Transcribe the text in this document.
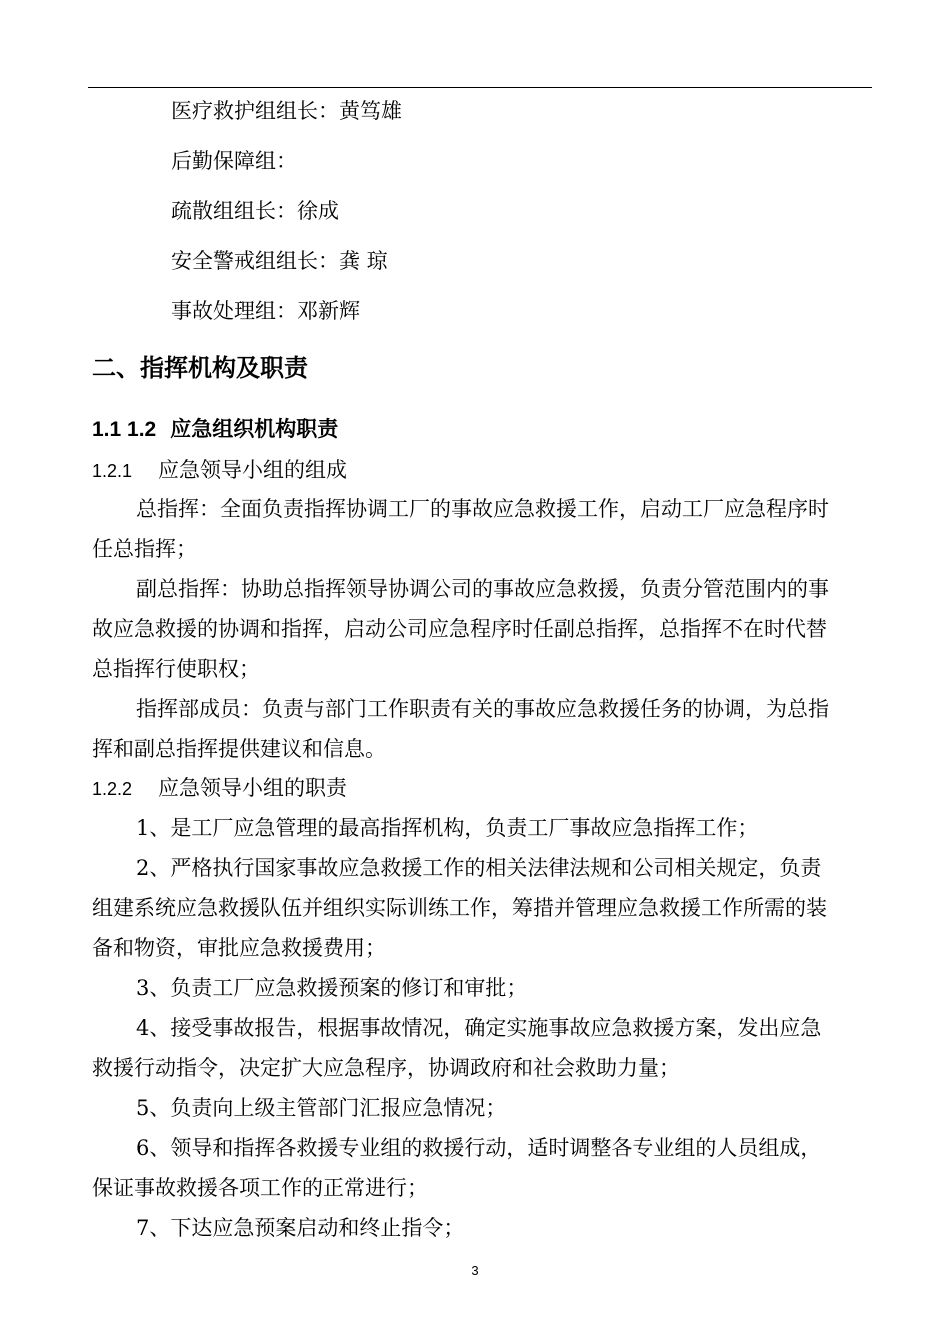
医疗救护组组长：黄笃雄
后勤保障组：
疏散组组长：徐成
安全警戒组组长：龚 琼
事故处理组：邓新辉
二、指挥机构及职责
1.1 1.2 应急组织机构职责
1.2.1 应急领导小组的组成
总指挥：全面负责指挥协调工厂的事故应急救援工作，启动工厂应急程序时
任总指挥；
副总指挥：协助总指挥领导协调公司的事故应急救援，负责分管范围内的事
故应急救援的协调和指挥，启动公司应急程序时任副总指挥，总指挥不在时代替
总指挥行使职权；
指挥部成员：负责与部门工作职责有关的事故应急救援任务的协调，为总指
挥和副总指挥提供建议和信息。
1.2.2 应急领导小组的职责
1、是工厂应急管理的最高指挥机构，负责工厂事故应急指挥工作；
2、严格执行国家事故应急救援工作的相关法律法规和公司相关规定，负责
组建系统应急救援队伍并组织实际训练工作，筹措并管理应急救援工作所需的装
备和物资，审批应急救援费用；
3、负责工厂应急救援预案的修订和审批；
4、接受事故报告，根据事故情况，确定实施事故应急救援方案，发出应急
救援行动指令，决定扩大应急程序，协调政府和社会救助力量；
5、负责向上级主管部门汇报应急情况；
6、领导和指挥各救援专业组的救援行动，适时调整各专业组的人员组成，
保证事故救援各项工作的正常进行；
7、下达应急预案启动和终止指令；
3
